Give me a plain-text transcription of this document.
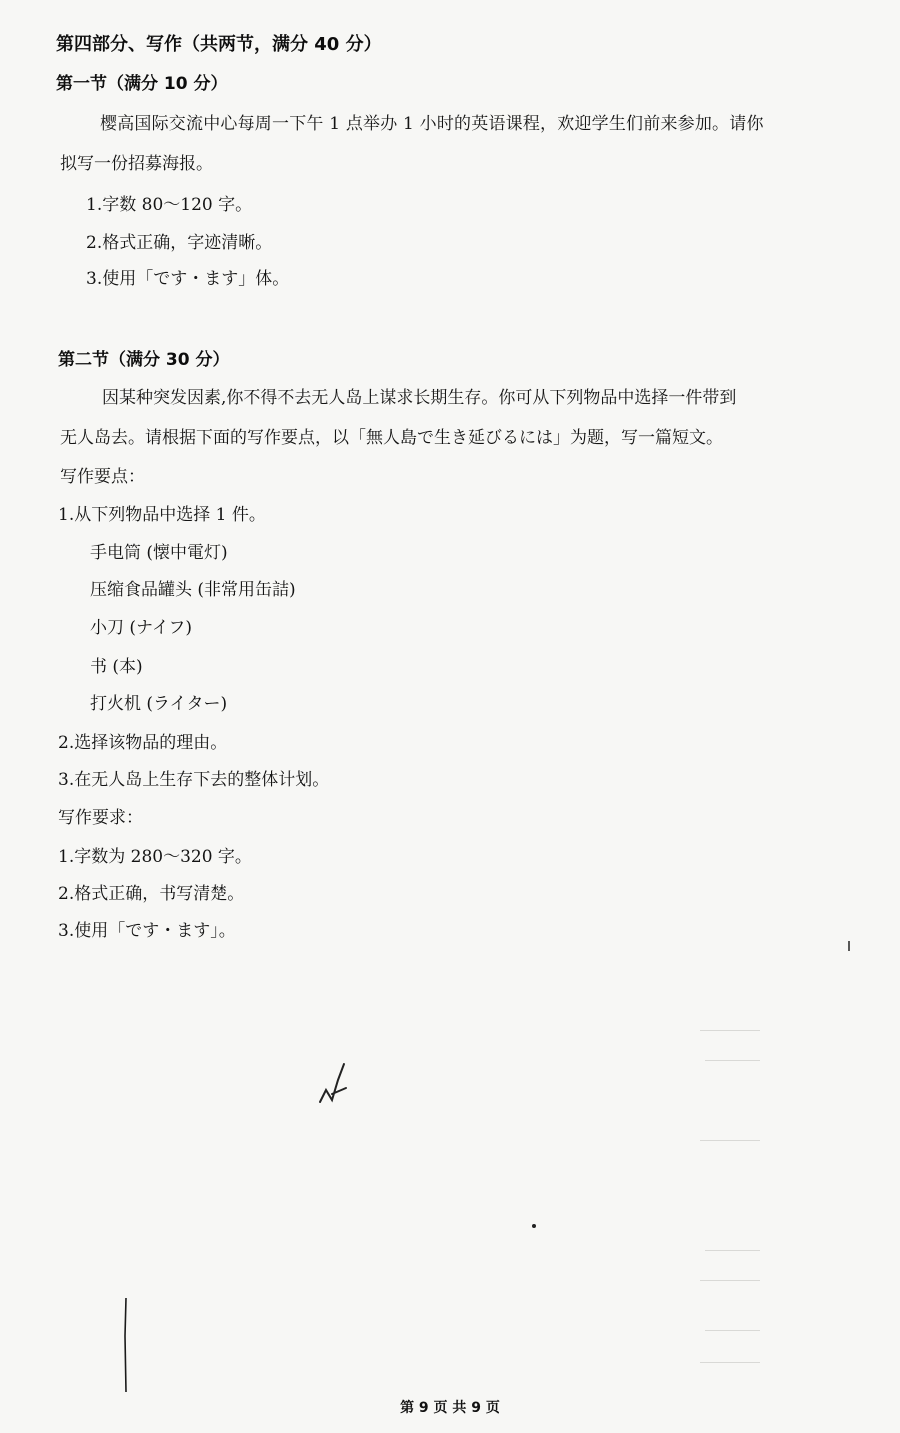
第四部分、写作（共两节，满分 40 分）
第一节（满分 10 分）
樱高国际交流中心每周一下午 1 点举办 1 小时的英语课程，欢迎学生们前来参加。请你
拟写一份招募海报。
1.字数 80～120 字。
2.格式正确，字迹清晰。
3.使用「です・ます」体。
第二节（满分 30 分）
因某种突发因素,你不得不去无人岛上谋求长期生存。你可从下列物品中选择一件带到
无人岛去。请根据下面的写作要点，以「無人島で生き延びるには」为题，写一篇短文。
写作要点：
1.从下列物品中选择 1 件。
手电筒 (懐中電灯)
压缩食品罐头 (非常用缶詰)
小刀 (ナイフ)
书 (本)
打火机 (ライター)
2.选择该物品的理由。
3.在无人岛上生存下去的整体计划。
写作要求：
1.字数为 280～320 字。
2.格式正确，书写清楚。
3.使用「です・ます」。
第 9 页 共 9 页
